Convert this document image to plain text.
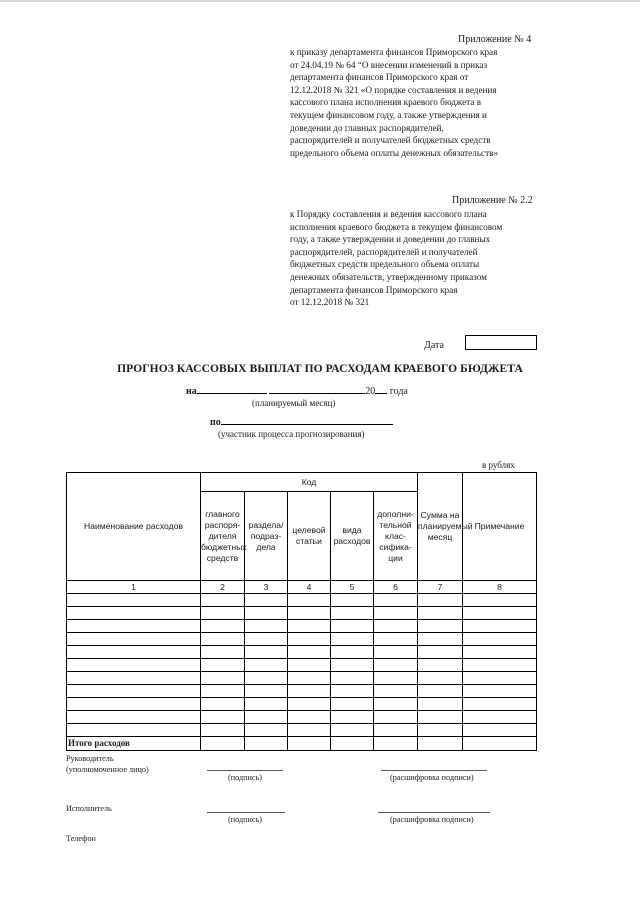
Приложение № 4

к приказу департамента финансов Приморского края

от 24.04.19 № 64 “О внесении изменений в приказ

департамента финансов Приморского края от

12.12.2018 № 321 «О порядке составления и ведения

кассового плана исполнения краевого бюджета в

текущем финансовом году, а также утверждения и

доведении до главных распорядителей,

распорядителей и получателей бюджетных средств

предельного объема оплаты денежных обязательств»

Приложение № 2.2

к Порядку составления и ведения кассового плана

исполнения краевого бюджета в текущем финансовом

году, а также утверждении и доведении до главных

распорядителей, распорядителей и получателей

бюджетных средств предельного объема оплаты

денежных обязательств, утвержденному приказом

департамента финансов Приморского края

от 12.12.2018 № 321

Дата
ПРОГНОЗ КАССОВЫХ ВЫПЛАТ ПО РАСХОДАМ КРАЕВОГО БЮДЖЕТА
на	20 года
(планируемый месяц)
по
(участник процесса прогнозирования)
в рублях
Наименование расходов	Код					Сумма на планируемый месяц	Примечание
	главного распоря-дителя бюджетных средств	раздела/подраз-дела	целевой статьи	вида расходов	дополни-тельной клас-сифика-ции		
1	2	3	4	5	6	7	8

Итого расходов							
Руководитель
(уполномоченное лицо)
(подпись)	(расшифровка подписи)
Исполнитель
(подпись)	(расшифровка подписи)
Телефон
